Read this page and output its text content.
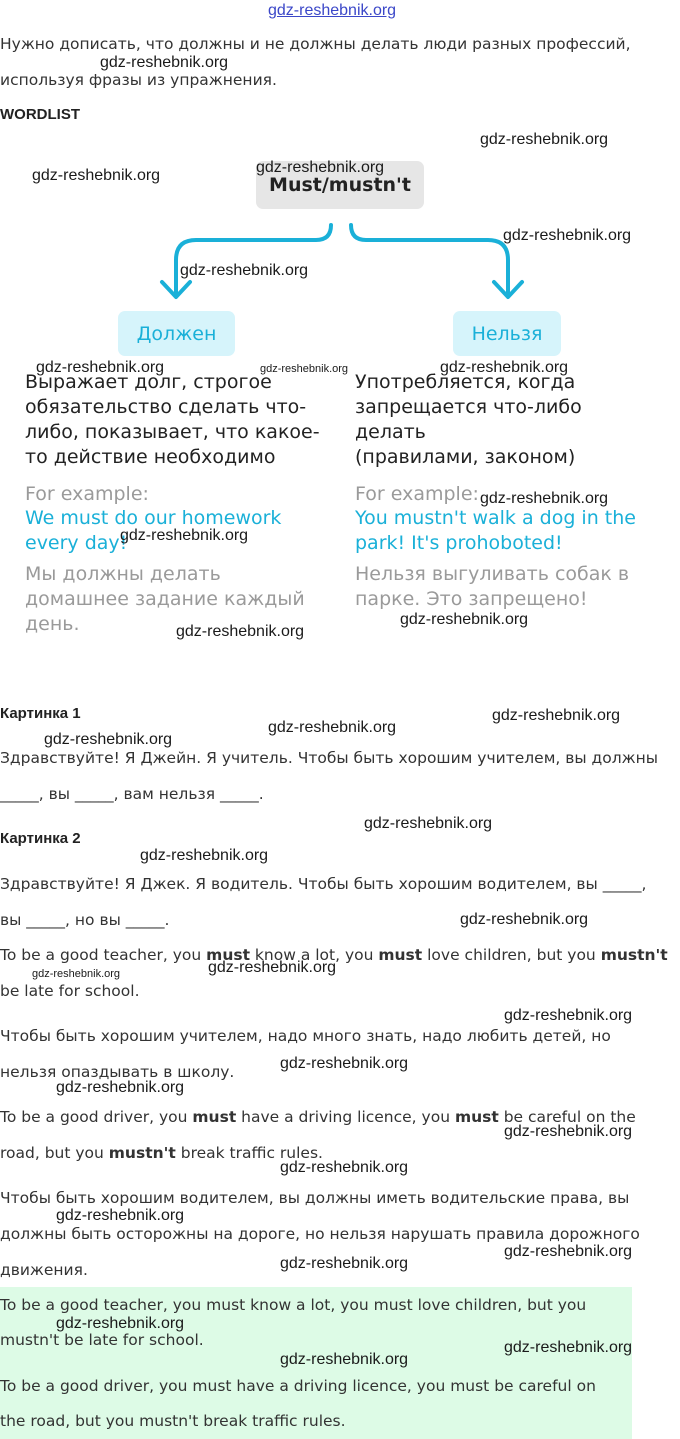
gdz-reshebnik.org

Нужно дописать, что должны и не должны делать люди разных профессий, используя фразы из упражнения.

WORDLIST
Must/mustn't
Должен	Нельзя
Выражает долг, строгое обязательство сделать что-либо, показывает, что какое-то действие необходимо
Употребляется, когда запрещается что-либо делать
(правилами, законом)
For example:	For example:
We must do our homework every day!
You mustn't walk a dog in the park! It's prohoboted!
Мы должны делать домашнее задание каждый день.
Нельзя выгуливать собак в парке. Это запрещено!
Картинка 1

Здравствуйте! Я Джейн. Я учитель. Чтобы быть хорошим учителем, вы должны

_____, вы _____, вам нельзя _____.

Картинка 2

Здравствуйте! Я Джек. Я водитель. Чтобы быть хорошим водителем, вы _____,

вы _____, но вы _____.

To be a good teacher, you must know a lot, you must love children, but you mustn't

be late for school.

Чтобы быть хорошим учителем, надо много знать, надо любить детей, но

нельзя опаздывать в школу.

To be a good driver, you must have a driving licence, you must be careful on the

road, but you mustn't break traffic rules.

Чтобы быть хорошим водителем, вы должны иметь водительские права, вы

должны быть осторожны на дороге, но нельзя нарушать правила дорожного

движения.

To be a good teacher, you must know a lot, you must love children, but you

mustn't be late for school.

To be a good driver, you must have a driving licence, you must be careful on

the road, but you mustn't break traffic rules.

gdz-reshebnik.org
gdz-reshebnik.org
gdz-reshebnik.org
gdz-reshebnik.org
gdz-reshebnik.org
gdz-reshebnik.org
gdz-reshebnik.org	gdz-reshebnik.org	gdz-reshebnik.org
gdz-reshebnik.org
gdz-reshebnik.org
gdz-reshebnik.org
gdz-reshebnik.org
gdz-reshebnik.org
gdz-reshebnik.org
gdz-reshebnik.org
gdz-reshebnik.org
gdz-reshebnik.org
gdz-reshebnik.org
gdz-reshebnik.org
gdz-reshebnik.org
gdz-reshebnik.org
gdz-reshebnik.org
gdz-reshebnik.org
gdz-reshebnik.org
gdz-reshebnik.org
gdz-reshebnik.org
gdz-reshebnik.org
gdz-reshebnik.org
gdz-reshebnik.org
gdz-reshebnik.org
gdz-reshebnik.org
